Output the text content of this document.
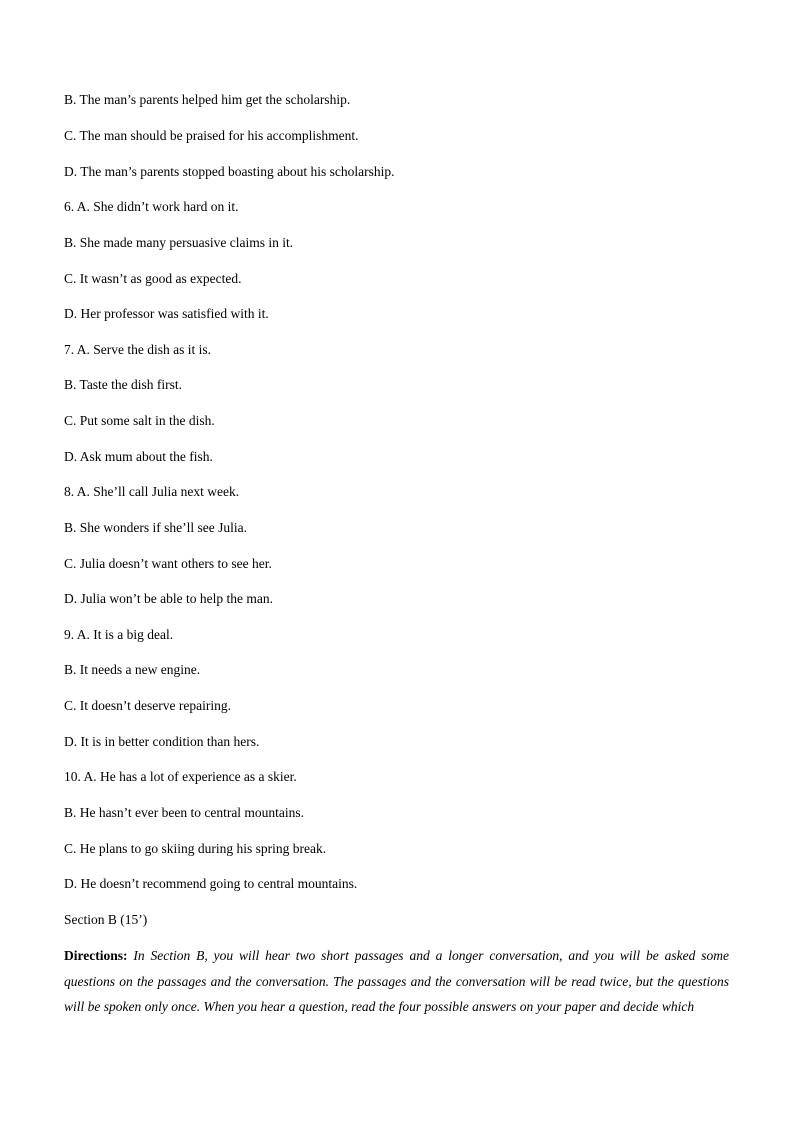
B. The man’s parents helped him get the scholarship.
C. The man should be praised for his accomplishment.
D. The man’s parents stopped boasting about his scholarship.
6. A. She didn’t work hard on it.
B. She made many persuasive claims in it.
C. It wasn’t as good as expected.
D. Her professor was satisfied with it.
7. A. Serve the dish as it is.
B. Taste the dish first.
C. Put some salt in the dish.
D. Ask mum about the fish.
8. A. She’ll call Julia next week.
B. She wonders if she’ll see Julia.
C. Julia doesn’t want others to see her.
D. Julia won’t be able to help the man.
9. A. It is a big deal.
B. It needs a new engine.
C. It doesn’t deserve repairing.
D. It is in better condition than hers.
10. A. He has a lot of experience as a skier.
B. He hasn’t ever been to central mountains.
C. He plans to go skiing during his spring break.
D. He doesn’t recommend going to central mountains.
Section B (15’)
Directions: In Section B, you will hear two short passages and a longer conversation, and you will be asked some questions on the passages and the conversation. The passages and the conversation will be read twice, but the questions will be spoken only once. When you hear a question, read the four possible answers on your paper and decide which
